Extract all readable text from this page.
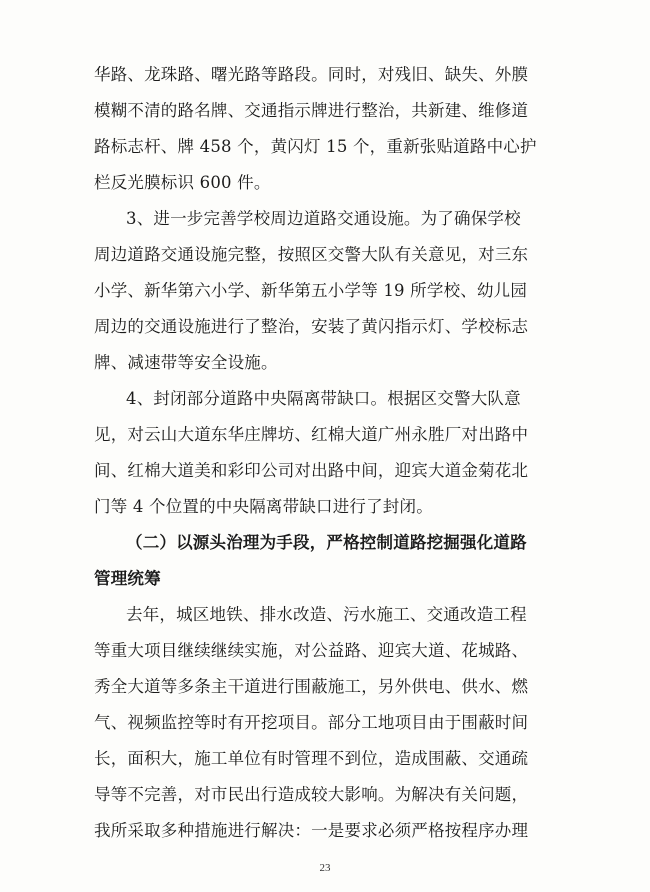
华路、龙珠路、曙光路等路段。同时，对残旧、缺失、外膜
模糊不清的路名牌、交通指示牌进行整治，共新建、维修道
路标志杆、牌 458 个，黄闪灯 15 个，重新张贴道路中心护
栏反光膜标识 600 件。
3、进一步完善学校周边道路交通设施。为了确保学校
周边道路交通设施完整，按照区交警大队有关意见，对三东
小学、新华第六小学、新华第五小学等 19 所学校、幼儿园
周边的交通设施进行了整治，安装了黄闪指示灯、学校标志
牌、减速带等安全设施。
4、封闭部分道路中央隔离带缺口。根据区交警大队意
见，对云山大道东华庄牌坊、红棉大道广州永胜厂对出路中
间、红棉大道美和彩印公司对出路中间，迎宾大道金菊花北
门等 4 个位置的中央隔离带缺口进行了封闭。
（二）以源头治理为手段，严格控制道路挖掘强化道路
管理统筹
去年，城区地铁、排水改造、污水施工、交通改造工程
等重大项目继续继续实施，对公益路、迎宾大道、花城路、
秀全大道等多条主干道进行围蔽施工，另外供电、供水、燃
气、视频监控等时有开挖项目。部分工地项目由于围蔽时间
长，面积大，施工单位有时管理不到位，造成围蔽、交通疏
导等不完善，对市民出行造成较大影响。为解决有关问题，
我所采取多种措施进行解决：一是要求必须严格按程序办理
23
